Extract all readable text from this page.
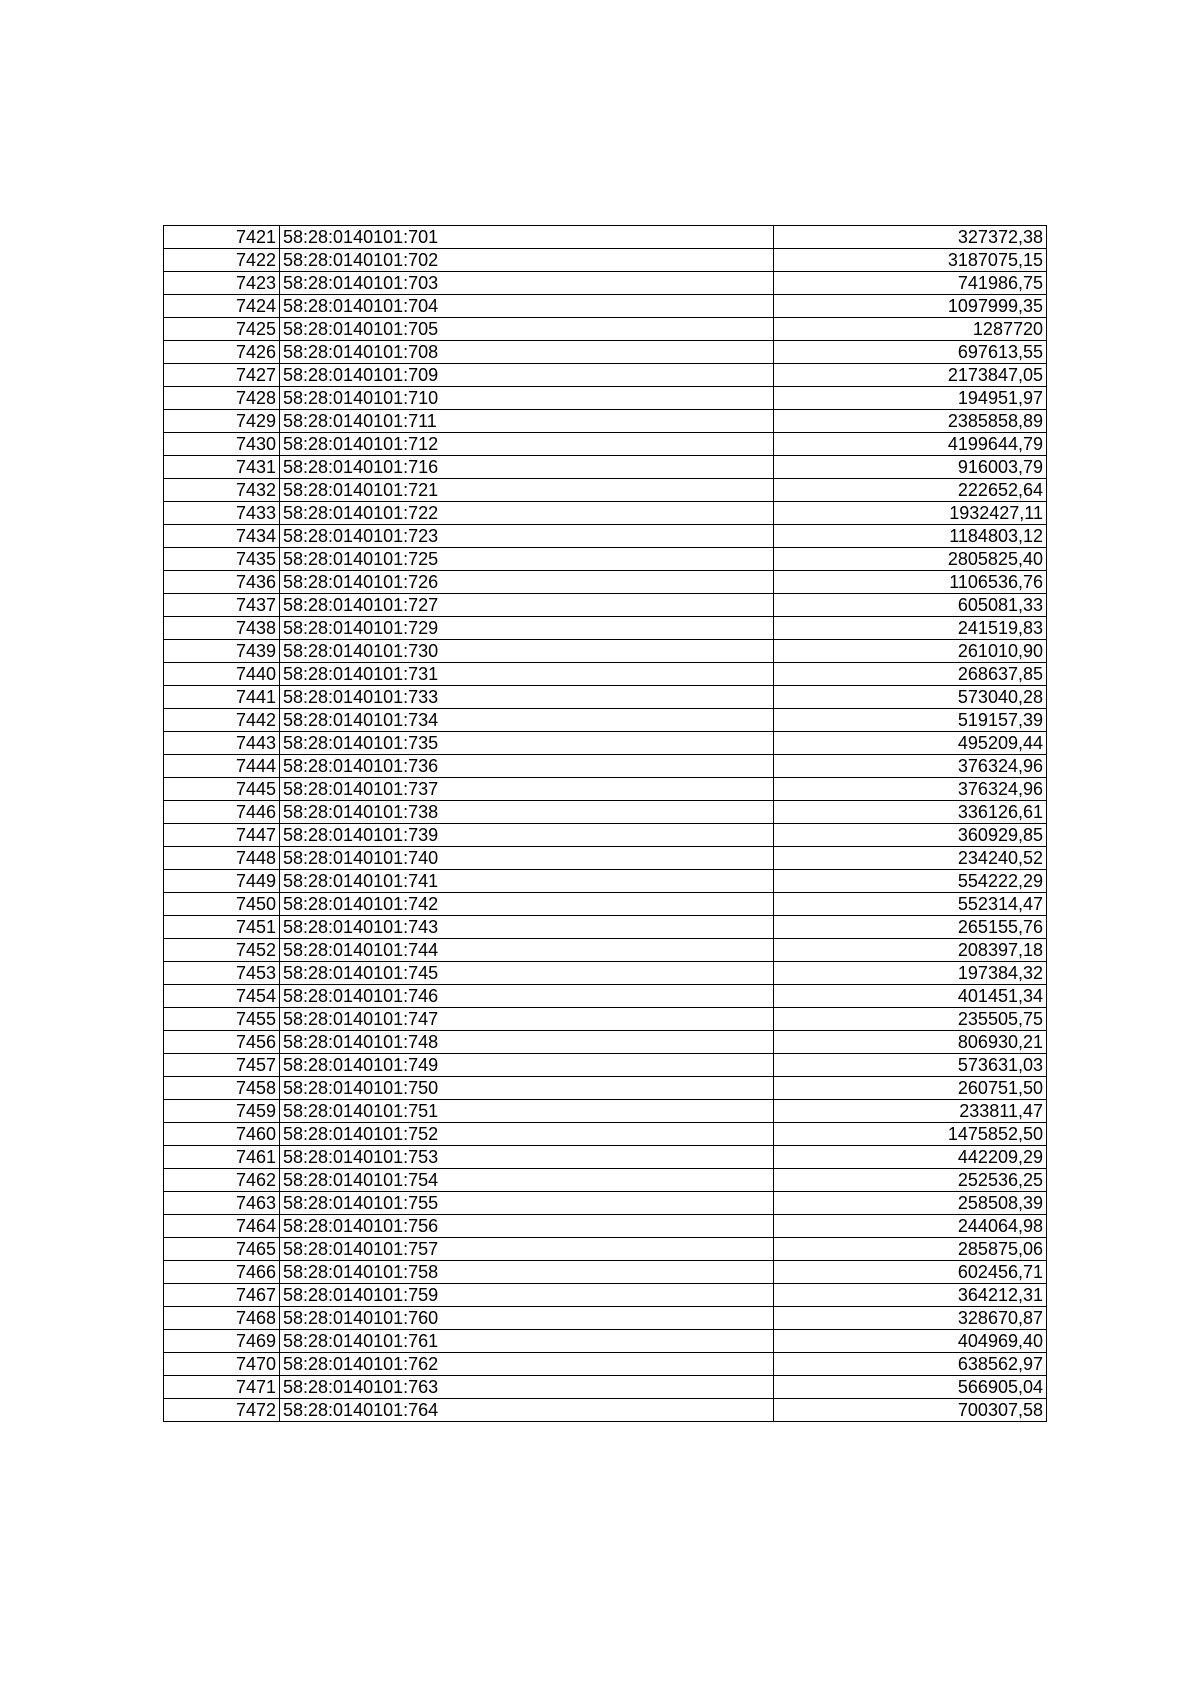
7421	58:28:0140101:701	327372,38
7422	58:28:0140101:702	3187075,15
7423	58:28:0140101:703	741986,75
7424	58:28:0140101:704	1097999,35
7425	58:28:0140101:705	1287720
7426	58:28:0140101:708	697613,55
7427	58:28:0140101:709	2173847,05
7428	58:28:0140101:710	194951,97
7429	58:28:0140101:711	2385858,89
7430	58:28:0140101:712	4199644,79
7431	58:28:0140101:716	916003,79
7432	58:28:0140101:721	222652,64
7433	58:28:0140101:722	1932427,11
7434	58:28:0140101:723	1184803,12
7435	58:28:0140101:725	2805825,40
7436	58:28:0140101:726	1106536,76
7437	58:28:0140101:727	605081,33
7438	58:28:0140101:729	241519,83
7439	58:28:0140101:730	261010,90
7440	58:28:0140101:731	268637,85
7441	58:28:0140101:733	573040,28
7442	58:28:0140101:734	519157,39
7443	58:28:0140101:735	495209,44
7444	58:28:0140101:736	376324,96
7445	58:28:0140101:737	376324,96
7446	58:28:0140101:738	336126,61
7447	58:28:0140101:739	360929,85
7448	58:28:0140101:740	234240,52
7449	58:28:0140101:741	554222,29
7450	58:28:0140101:742	552314,47
7451	58:28:0140101:743	265155,76
7452	58:28:0140101:744	208397,18
7453	58:28:0140101:745	197384,32
7454	58:28:0140101:746	401451,34
7455	58:28:0140101:747	235505,75
7456	58:28:0140101:748	806930,21
7457	58:28:0140101:749	573631,03
7458	58:28:0140101:750	260751,50
7459	58:28:0140101:751	233811,47
7460	58:28:0140101:752	1475852,50
7461	58:28:0140101:753	442209,29
7462	58:28:0140101:754	252536,25
7463	58:28:0140101:755	258508,39
7464	58:28:0140101:756	244064,98
7465	58:28:0140101:757	285875,06
7466	58:28:0140101:758	602456,71
7467	58:28:0140101:759	364212,31
7468	58:28:0140101:760	328670,87
7469	58:28:0140101:761	404969,40
7470	58:28:0140101:762	638562,97
7471	58:28:0140101:763	566905,04
7472	58:28:0140101:764	700307,58
